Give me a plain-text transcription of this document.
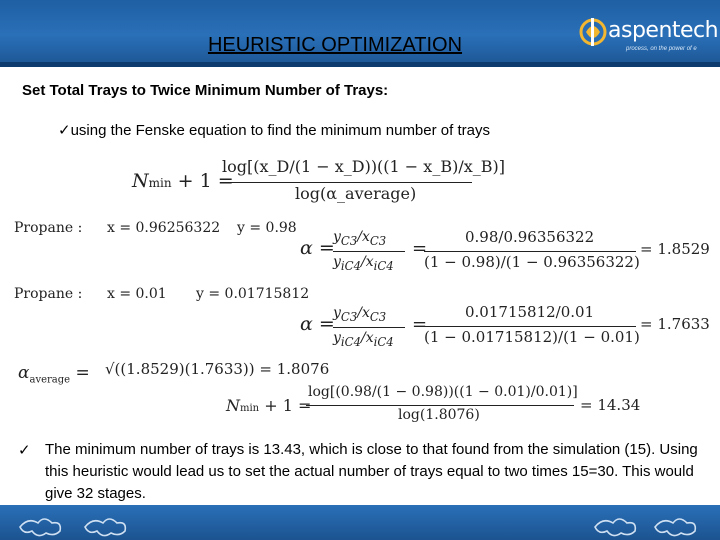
HEURISTIC OPTIMIZATION
aspentech
process, on the power of e
Set Total Trays to Twice Minimum Number of Trays:
✓using the Fenske equation to find the minimum number of trays
Nmin + 1 =
log[(x_D/(1 − x_D))((1 − x_B)/x_B)]
log(α_average)
Propane : x = 0.96256322 y = 0.98
α =
$y_{C3}/x_{C3}$
$y_{iC4}/x_{iC4}$
=
0.98/0.96356322
(1 − 0.98)/(1 − 0.96356322)
= 1.8529
Propane : x = 0.01 y = 0.01715812
α =
$y_{C3}/x_{C3}$
$y_{iC4}/x_{iC4}$
=
0.01715812/0.01
(1 − 0.01715812)/(1 − 0.01)
= 1.7633
$\alpha_{average} = √((1.8529)(1.7633)) = 1.8076$
Nmin + 1 =
log[(0.98/(1 − 0.98))((1 − 0.01)/0.01)]
log(1.8076)
= 14.34
✓ The minimum number of trays is 13.43, which is close to that found from the simulation (15). Using this heuristic would lead us to set the actual number of trays equal to two times 15=30. This would give 32 stages.
